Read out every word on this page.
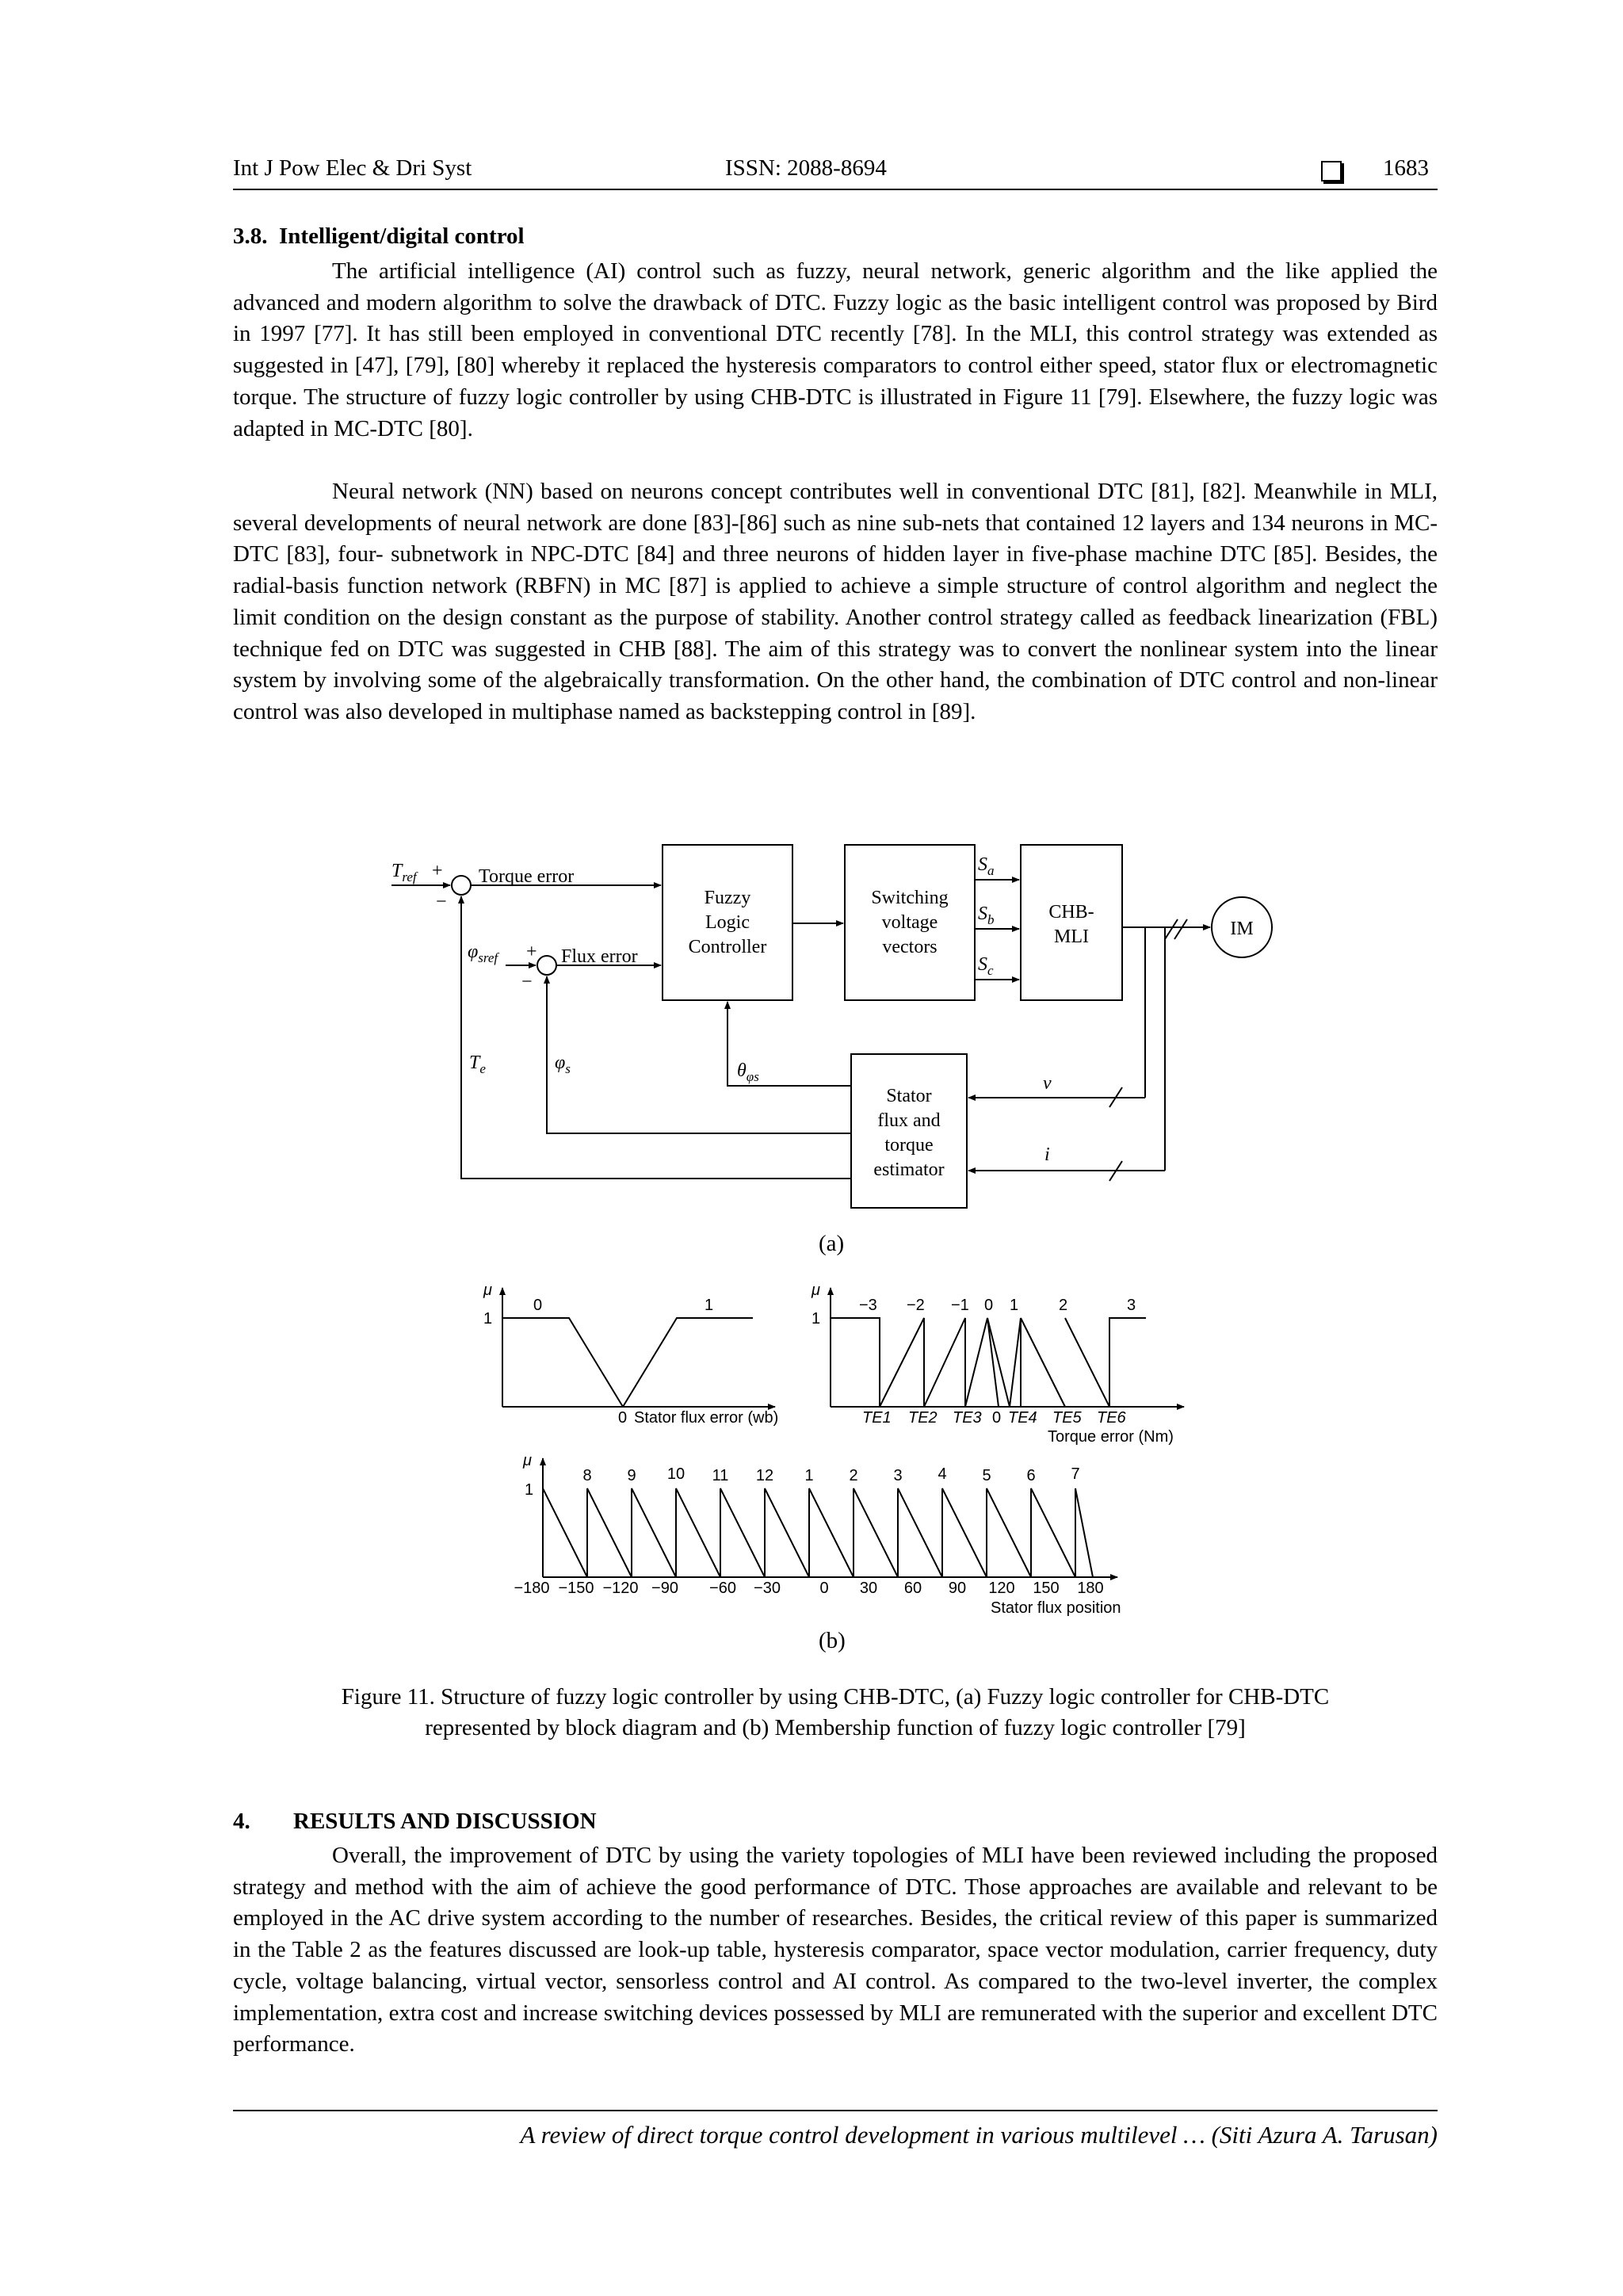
Int J Pow Elec & Dri Syst	ISSN: 2088-8694	1683
3.8.  Intelligent/digital control

The artificial intelligence (AI) control such as fuzzy, neural network, generic algorithm and the like applied the advanced and modern algorithm to solve the drawback of DTC. Fuzzy logic as the basic intelligent control was proposed by Bird in 1997 [77]. It has still been employed in conventional DTC recently [78]. In the MLI, this control strategy was extended as suggested in [47], [79], [80] whereby it replaced the hysteresis comparators to control either speed, stator flux or electromagnetic torque. The structure of fuzzy logic controller by using CHB-DTC is illustrated in Figure 11 [79]. Elsewhere, the fuzzy logic was adapted in MC-DTC [80].

Neural network (NN) based on neurons concept contributes well in conventional DTC [81], [82]. Meanwhile in MLI, several developments of neural network are done [83]-[86] such as nine sub-nets that contained 12 layers and 134 neurons in MC-DTC [83], four- subnetwork in NPC-DTC [84] and three neurons of hidden layer in five-phase machine DTC [85]. Besides, the radial-basis function network (RBFN) in MC [87] is applied to achieve a simple structure of control algorithm and neglect the limit condition on the design constant as the purpose of stability. Another control strategy called as feedback linearization (FBL) technique fed on DTC was suggested in CHB [88]. The aim of this strategy was to convert the nonlinear system into the linear system by involving some of the algebraically transformation. On the other hand, the combination of DTC control and non-linear control was also developed in multiphase named as backstepping control in [89].

$T_{ref}$ +
−
Torque error
$\varphi_{sref}$ +
−
Flux error
Fuzzy
Logic
Controller
Switching
voltage
vectors
CHB-
MLI
$S_a$
$S_b$
$S_c$
IM
$T_e$	$\varphi_s$	$\theta_{\varphi s}$
Stator
flux and
torque
estimator
v
i
(a)
μ
1
0	1
0 Stator flux error (wb)
μ
1
−3 −2 −1 0 1	2	3
TE1 TE2 TE3 0 TE4 TE5 TE6
Torque error (Nm)
μ
1
8 9 10 11 12 1 2 3 4 5 6 7
−180 −150 −120 −90 −60 −30 0 30 60 90 120 150 180
Stator flux position
(b)
Figure 11. Structure of fuzzy logic controller by using CHB-DTC, (a) Fuzzy logic controller for CHB-DTC
represented by block diagram and (b) Membership function of fuzzy logic controller [79]
4. RESULTS AND DISCUSSION

Overall, the improvement of DTC by using the variety topologies of MLI have been reviewed including the proposed strategy and method with the aim of achieve the good performance of DTC. Those approaches are available and relevant to be employed in the AC drive system according to the number of researches. Besides, the critical review of this paper is summarized in the Table 2 as the features discussed are look-up table, hysteresis comparator, space vector modulation, carrier frequency, duty cycle, voltage balancing, virtual vector, sensorless control and AI control. As compared to the two-level inverter, the complex implementation, extra cost and increase switching devices possessed by MLI are remunerated with the superior and excellent DTC performance.

A review of direct torque control development in various multilevel … (Siti Azura A. Tarusan)
